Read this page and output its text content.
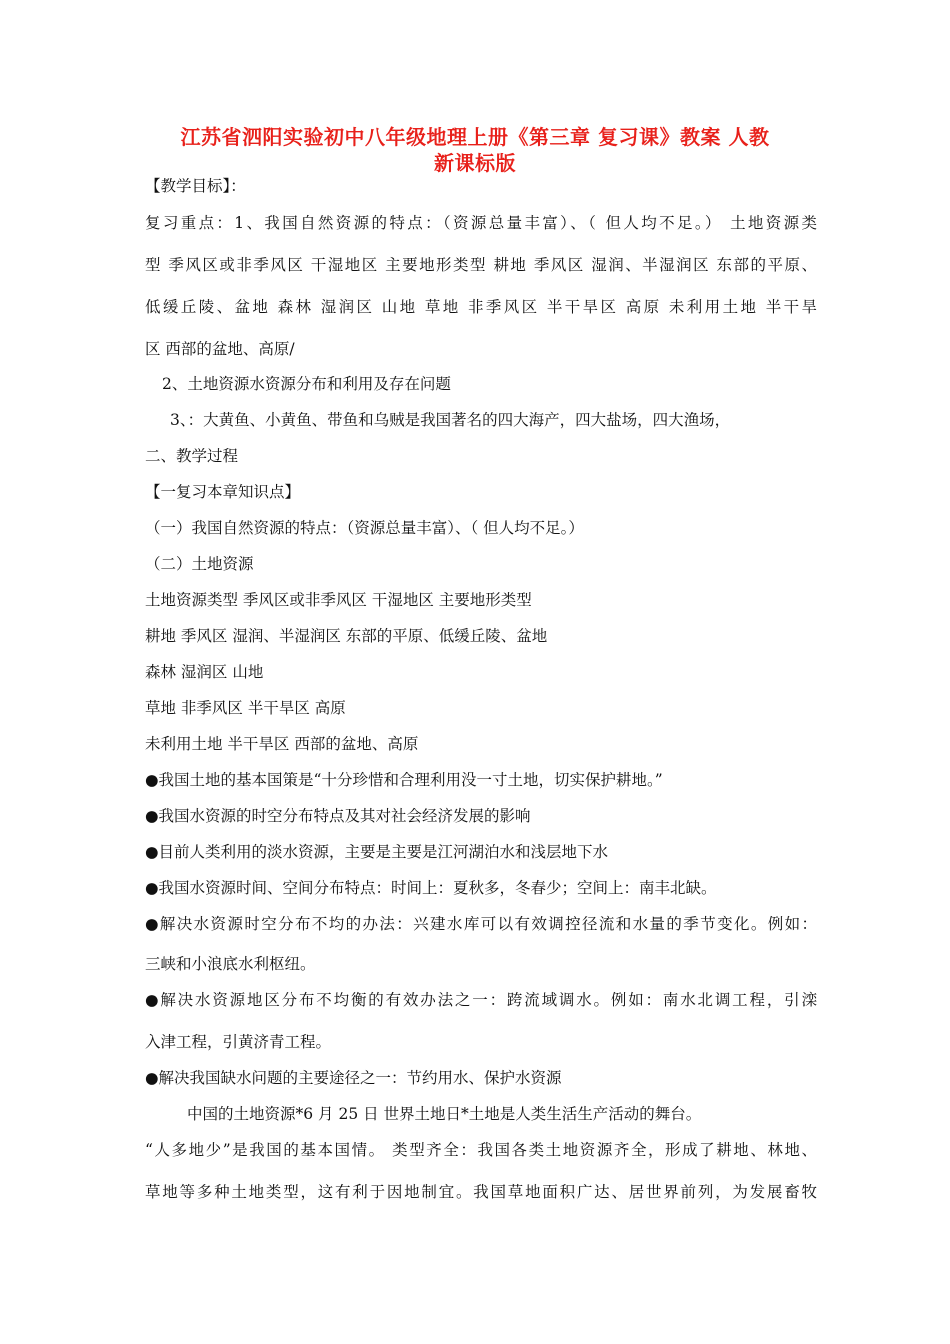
江苏省泗阳实验初中八年级地理上册《第三章 复习课》教案 人教
新课标版
【教学目标】：
复习重点：1、我国自然资源的特点：（资源总量丰富）、（ 但人均不足。） 土地资源类
型 季风区或非季风区 干湿地区 主要地形类型 耕地 季风区 湿润、半湿润区 东部的平原、
低缓丘陵、盆地 森林 湿润区 山地 草地 非季风区 半干旱区 高原 未利用土地 半干旱
区 西部的盆地、高原/
2、土地资源水资源分布和利用及存在问题
3、：大黄鱼、小黄鱼、带鱼和乌贼是我国著名的四大海产，四大盐场，四大渔场，
二、教学过程
【一复习本章知识点】
（一）我国自然资源的特点：（资源总量丰富）、（ 但人均不足。）
（二）土地资源
土地资源类型 季风区或非季风区 干湿地区 主要地形类型
耕地 季风区 湿润、半湿润区 东部的平原、低缓丘陵、盆地
森林 湿润区 山地
草地 非季风区 半干旱区 高原
未利用土地 半干旱区 西部的盆地、高原
●我国土地的基本国策是“十分珍惜和合理利用没一寸土地，切实保护耕地。”
●我国水资源的时空分布特点及其对社会经济发展的影响
●目前人类利用的淡水资源，主要是主要是江河湖泊水和浅层地下水
●我国水资源时间、空间分布特点：时间上：夏秋多，冬春少；空间上：南丰北缺。
●解决水资源时空分布不均的办法：兴建水库可以有效调控径流和水量的季节变化。例如：
三峡和小浪底水利枢纽。
●解决水资源地区分布不均衡的有效办法之一：跨流域调水。例如：南水北调工程，引滦
入津工程，引黄济青工程。
●解决我国缺水问题的主要途径之一：节约用水、保护水资源
中国的土地资源*6 月 25 日 世界土地日*土地是人类生活生产活动的舞台。
“人多地少”是我国的基本国情。 类型齐全：我国各类土地资源齐全，形成了耕地、林地、
草地等多种土地类型，这有利于因地制宜。我国草地面积广达、居世界前列，为发展畜牧
